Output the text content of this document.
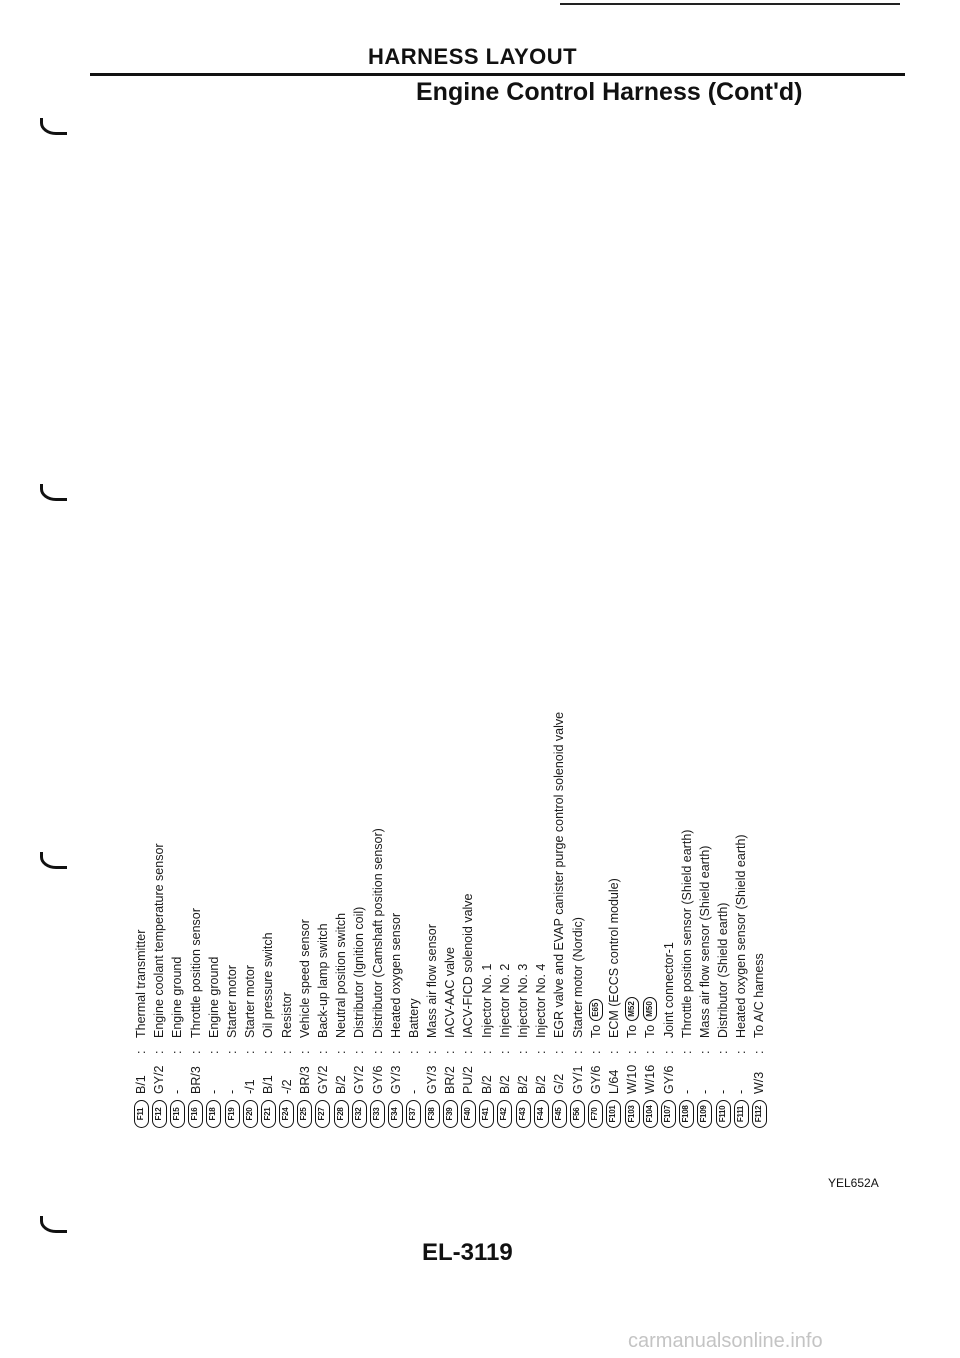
HARNESS LAYOUT
Engine Control Harness (Cont'd)
F11
B/1
:
Thermal transmitter
F12
GY/2
:
Engine coolant temperature sensor
F15
-
:
Engine ground
F16
BR/3
:
Throttle position sensor
F18
-
:
Engine ground
F19
-
:
Starter motor
F20
-/1
:
Starter motor
F21
B/1
:
Oil pressure switch
F24
-/2
:
Resistor
F25
BR/3
:
Vehicle speed sensor
F27
GY/2
:
Back-up lamp switch
F28
B/2
:
Neutral position switch
F32
GY/2
:
Distributor (Ignition coil)
F33
GY/6
:
Distributor (Camshaft position sensor)
F34
GY/3
:
Heated oxygen sensor
F37
-
:
Battery
F38
GY/3
:
Mass air flow sensor
F39
BR/2
:
IACV-AAC valve
F40
PU/2
:
IACV-FICD solenoid valve
F41
B/2
:
Injector No. 1
F42
B/2
:
Injector No. 2
F43
B/2
:
Injector No. 3
F44
B/2
:
Injector No. 4
F45
G/2
:
EGR valve and EVAP canister purge control solenoid valve
F56
GY/1
:
Starter motor (Nordic)
F70
GY/6
:
To
E65
F101
L/64
:
ECM (ECCS control module)
F103
W/10
:
To
M52
F104
W/16
:
To
M50
F107
GY/6
:
Joint connector-1
F108
-
:
Throttle position sensor (Shield earth)
F109
-
:
Mass air flow sensor (Shield earth)
F110
-
:
Distributor (Shield earth)
F111
-
:
Heated oxygen sensor (Shield earth)
F112
W/3
:
To A/C harness
YEL652A
EL-3119
carmanualsonline.info
